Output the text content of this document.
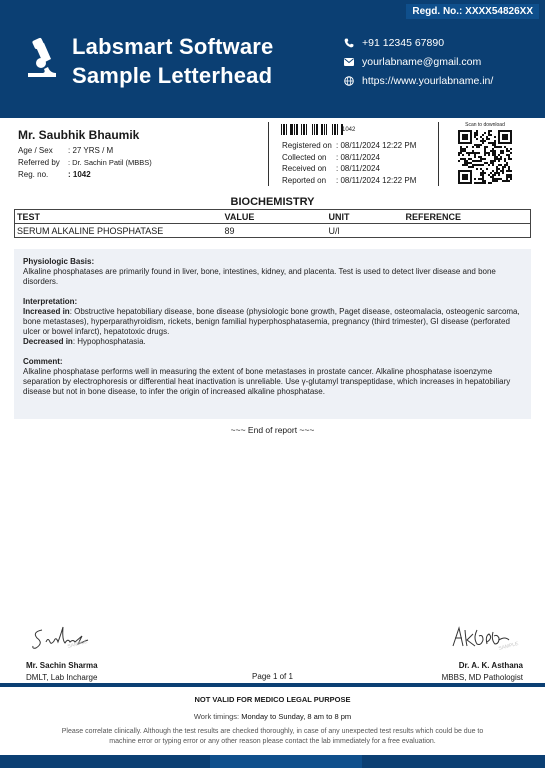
Regd. No.: XXXX54826XX
Labsmart Software
Sample Letterhead
+91 12345 67890
yourlabname@gmail.com
https://www.yourlabname.in/
Mr. Saubhik Bhaumik
Age / Sex	: 27 YRS / M
Referred by	: Dr. Sachin Patil (MBBS)
Reg. no.	: 1042
1042
Registered on : 08/11/2024 12:22 PM
Collected on	: 08/11/2024
Received on	: 08/11/2024
Reported on	: 08/11/2024 12:22 PM
Scan to download
BIOCHEMISTRY
TEST	VALUE	UNIT	REFERENCE
SERUM ALKALINE PHOSPHATASE	89	U/l	
Physiologic Basis:
Alkaline phosphatases are primarily found in liver, bone, intestines, kidney, and placenta. Test is used to detect liver disease and bone disorders.
Interpretation:
Increased in: Obstructive hepatobiliary disease, bone disease (physiologic bone growth, Paget disease, osteomalacia, osteogenic sarcoma, bone metastases), hyperparathyroidism, rickets, benign familial hyperphosphatasemia, pregnancy (third trimester), GI disease (perforated ulcer or bowel infarct), hepatotoxic drugs.
Decreased in: Hypophosphatasia.
Comment:
Alkaline phosphatase performs well in measuring the extent of bone metastases in prostate cancer. Alkaline phosphatase isoenzyme separation by electrophoresis or differential heat inactivation is unreliable. Use γ-glutamyl transpeptidase, which increases in hepatobiliary disease but not in bone disease, to infer the origin of increased alkaline phosphatase.
~~~ End of report ~~~
SAMPLE	SAMPLE
Mr. Sachin Sharma
DMLT, Lab Incharge
Dr. A. K. Asthana
MBBS, MD Pathologist
Page 1 of 1
NOT VALID FOR MEDICO LEGAL PURPOSE
Work timings: Monday to Sunday, 8 am to 8 pm
Please correlate clinically. Although the test results are checked thoroughly, in case of any unexpected test results which could be due to machine error or typing error or any other reason please contact the lab immediately for a free evaluation.
